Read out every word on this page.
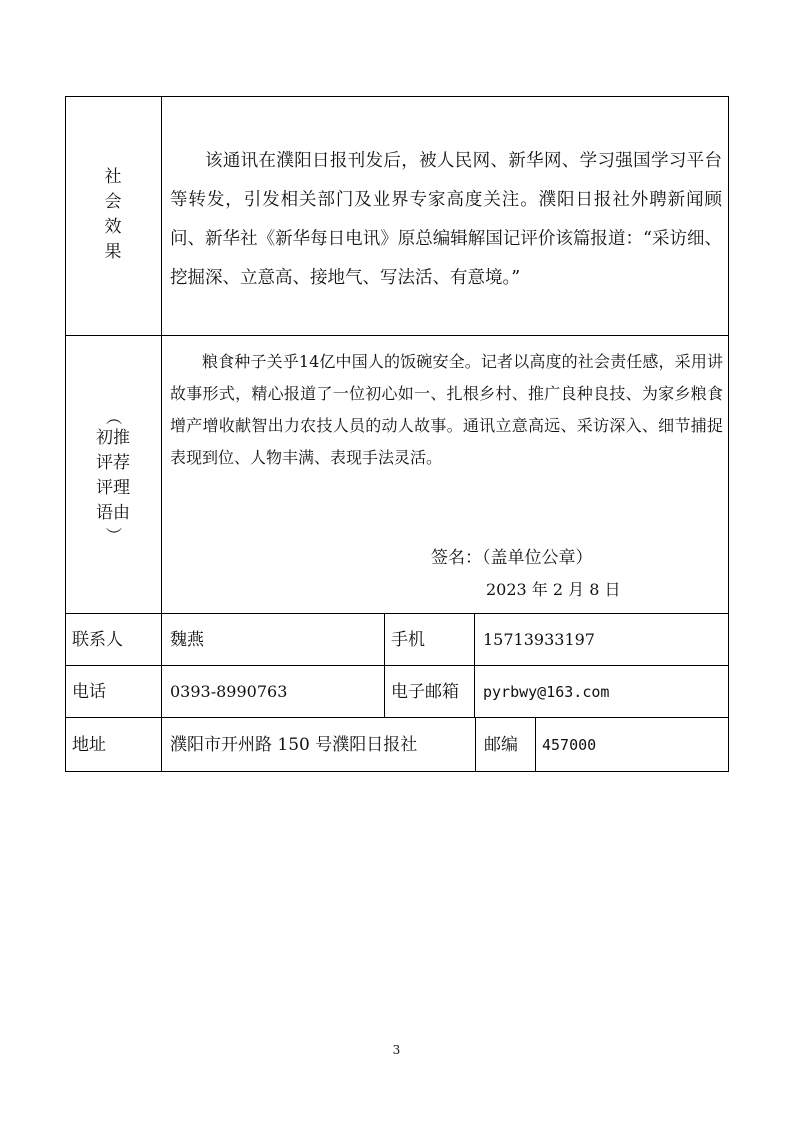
社
会
效
果
该通讯在濮阳日报刊发后，被人民网、新华网、学习强国学习平台等转发，引发相关部门及业界专家高度关注。濮阳日报社外聘新闻顾问、新华社《新华每日电讯》原总编辑解国记评价该篇报道：“采访细、挖掘深、立意高、接地气、写法活、有意境。”
（
初
评
评
语
推
荐
理
由
）
粮食种子关乎14亿中国人的饭碗安全。记者以高度的社会责任感，采用讲故事形式，精心报道了一位初心如一、扎根乡村、推广良种良技、为家乡粮食增产增收献智出力农技人员的动人故事。通讯立意高远、采访深入、细节捕捉表现到位、人物丰满、表现手法灵活。
签名：（盖单位公章）
2023 年 2 月 8 日
联系人	魏燕	手机	15713933197
电话	0393-8990763	电子邮箱 pyrbwy@163.com
地址	濮阳市开州路 150 号濮阳日报社	邮编 457000
3
